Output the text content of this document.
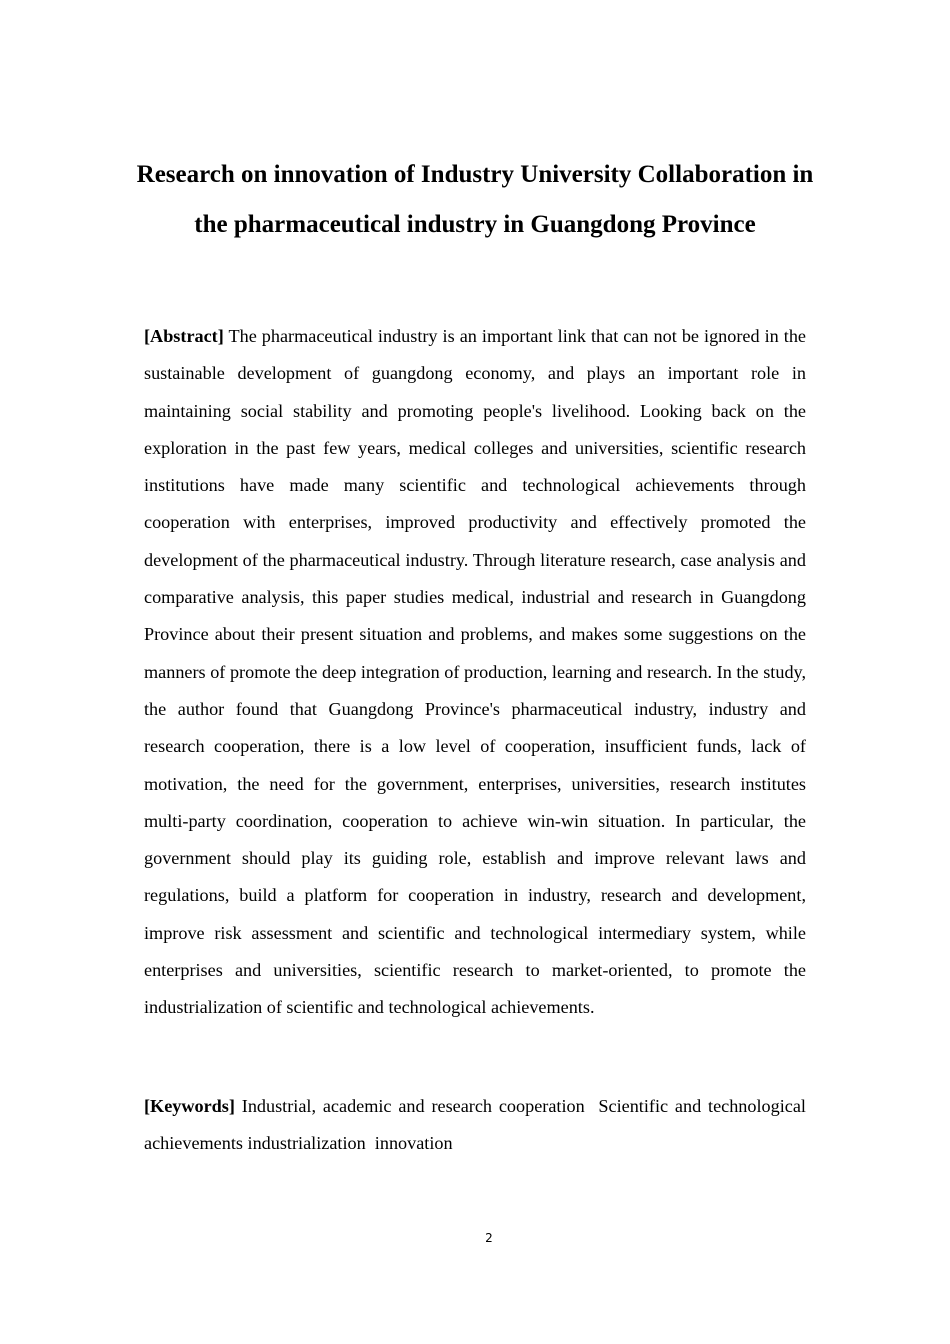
Research on innovation of Industry University Collaboration in the pharmaceutical industry in Guangdong Province

[Abstract] The pharmaceutical industry is an important link that can not be ignored in the sustainable development of guangdong economy, and plays an important role in maintaining social stability and promoting people's livelihood. Looking back on the exploration in the past few years, medical colleges and universities, scientific research institutions have made many scientific and technological achievements through cooperation with enterprises, improved productivity and effectively promoted the development of the pharmaceutical industry. Through literature research, case analysis and comparative analysis, this paper studies medical, industrial and research in Guangdong Province about their present situation and problems, and makes some suggestions on the manners of promote the deep integration of production, learning and research. In the study, the author found that Guangdong Province's pharmaceutical industry, industry and research cooperation, there is a low level of cooperation, insufficient funds, lack of motivation, the need for the government, enterprises, universities, research institutes multi-party coordination, cooperation to achieve win-win situation. In particular, the government should play its guiding role, establish and improve relevant laws and regulations, build a platform for cooperation in industry, research and development, improve risk assessment and scientific and technological intermediary system, while enterprises and universities, scientific research to market-oriented, to promote the industrialization of scientific and technological achievements.

[Keywords] Industrial, academic and research cooperation  Scientific and technological achievements industrialization  innovation

2
